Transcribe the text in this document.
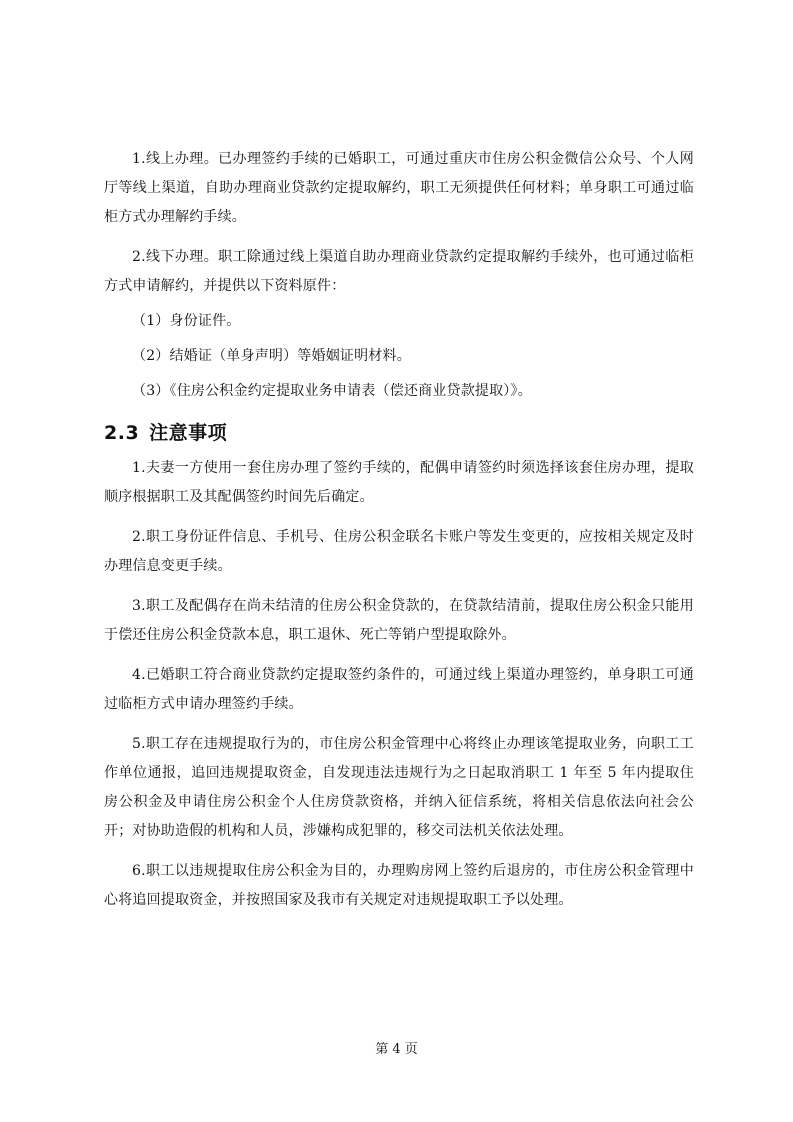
1.线上办理。已办理签约手续的已婚职工，可通过重庆市住房公积金微信公众号、个人网厅等线上渠道，自助办理商业贷款约定提取解约，职工无须提供任何材料；单身职工可通过临柜方式办理解约手续。

2.线下办理。职工除通过线上渠道自助办理商业贷款约定提取解约手续外，也可通过临柜方式申请解约，并提供以下资料原件：

（1）身份证件。

（2）结婚证（单身声明）等婚姻证明材料。

（3）《住房公积金约定提取业务申请表（偿还商业贷款提取）》。

2.3 注意事项

1.夫妻一方使用一套住房办理了签约手续的，配偶申请签约时须选择该套住房办理，提取顺序根据职工及其配偶签约时间先后确定。

2.职工身份证件信息、手机号、住房公积金联名卡账户等发生变更的，应按相关规定及时办理信息变更手续。

3.职工及配偶存在尚未结清的住房公积金贷款的，在贷款结清前，提取住房公积金只能用于偿还住房公积金贷款本息，职工退休、死亡等销户型提取除外。

4.已婚职工符合商业贷款约定提取签约条件的，可通过线上渠道办理签约，单身职工可通过临柜方式申请办理签约手续。

5.职工存在违规提取行为的，市住房公积金管理中心将终止办理该笔提取业务，向职工工作单位通报，追回违规提取资金，自发现违法违规行为之日起取消职工 1 年至 5 年内提取住房公积金及申请住房公积金个人住房贷款资格，并纳入征信系统，将相关信息依法向社会公开；对协助造假的机构和人员，涉嫌构成犯罪的，移交司法机关依法处理。

6.职工以违规提取住房公积金为目的，办理购房网上签约后退房的，市住房公积金管理中心将追回提取资金，并按照国家及我市有关规定对违规提取职工予以处理。

第 4 页
